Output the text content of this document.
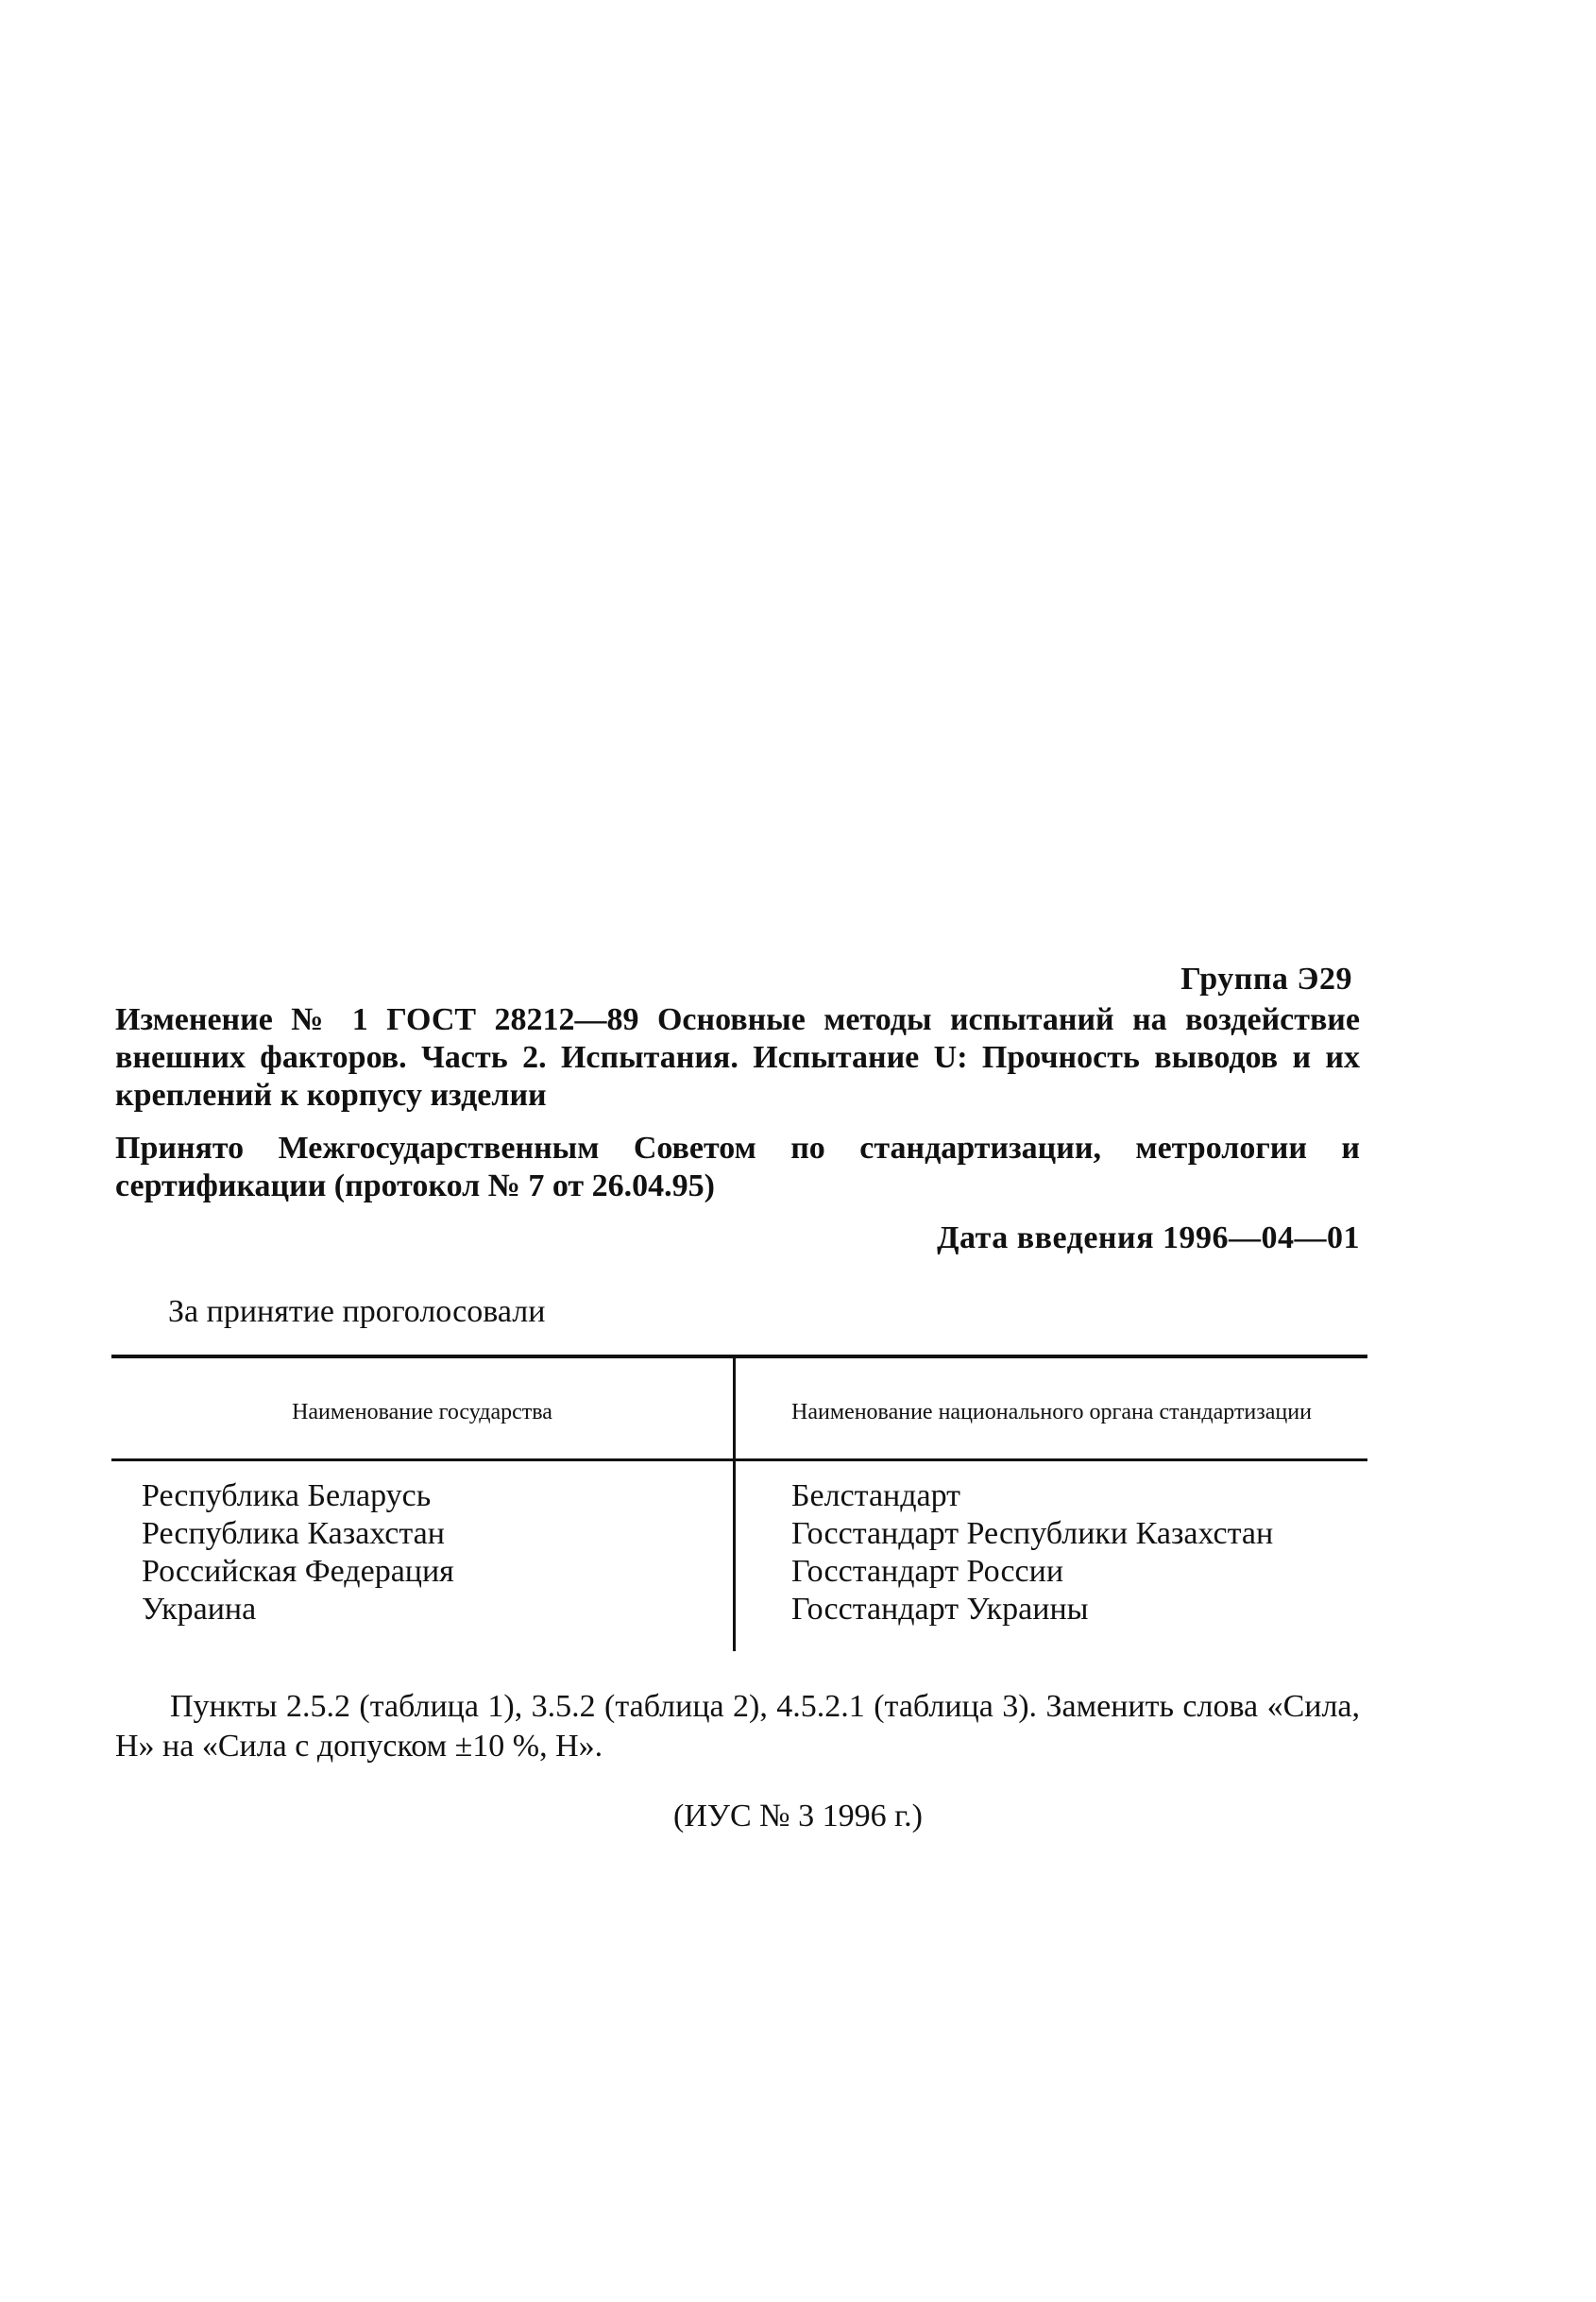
Группа Э29
Изменение № 1 ГОСТ 28212—89 Основные методы испытаний на воздействие внешних факторов. Часть 2. Испытания. Испытание U: Прочность выводов и их креплений к корпусу изделии
Принято Межгосударственным Советом по стандартизации, метрологии и сертификации (протокол № 7 от 26.04.95)
Дата введения 1996—04—01
За принятие проголосовали
Наименование государства	Наименование национального органа стандартизации
Республика Беларусь
Республика Казахстан
Российская Федерация
Украина
Белстандарт
Госстандарт Республики Казахстан
Госстандарт России
Госстандарт Украины
Пункты 2.5.2 (таблица 1), 3.5.2 (таблица 2), 4.5.2.1 (таблица 3). Заменить слова «Сила, Н» на «Сила с допуском ±10 %, Н».
(ИУС № 3 1996 г.)
